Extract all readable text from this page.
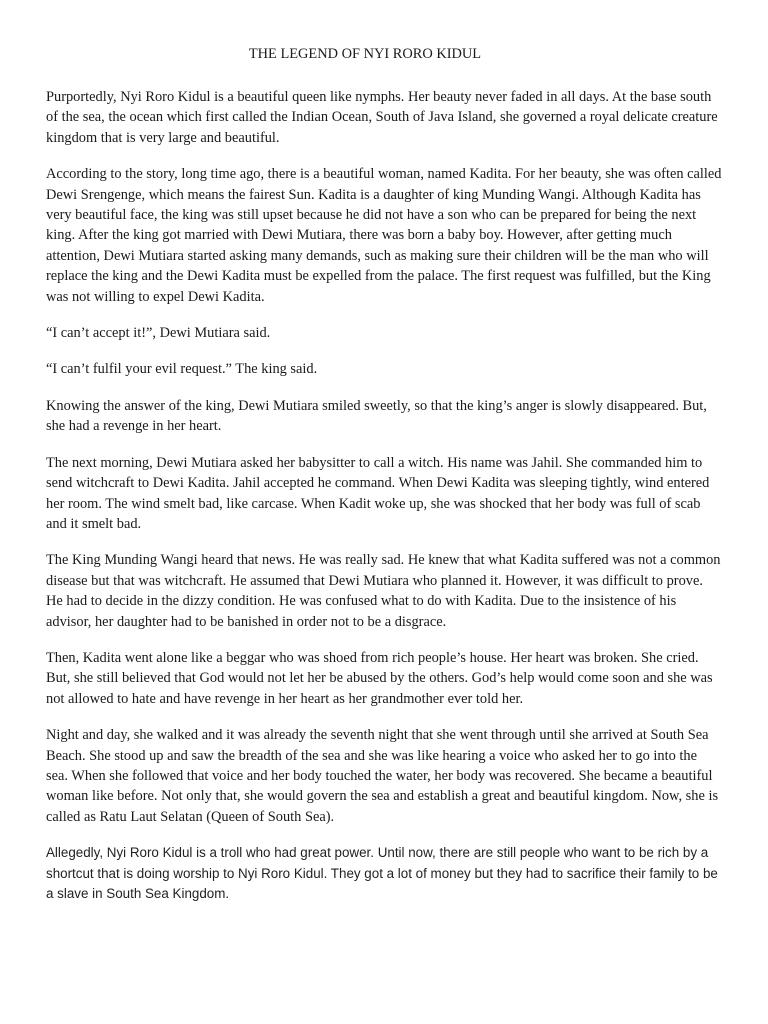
THE LEGEND OF NYI RORO KIDUL

Purportedly, Nyi Roro Kidul is a beautiful queen like nymphs. Her beauty never faded in all days. At the base south of the sea, the ocean which first called the Indian Ocean, South of Java Island, she governed a royal delicate creature kingdom that is very large and beautiful.

According to the story, long time ago, there is a beautiful woman, named Kadita. For her beauty, she was often called Dewi Srengenge, which means the fairest Sun. Kadita is a daughter of king Munding Wangi. Although Kadita has very beautiful face, the king was still upset because he did not have a son who can be prepared for being the next king. After the king got married with Dewi Mutiara, there was born a baby boy. However, after getting much attention, Dewi Mutiara started asking many demands, such as making sure their children will be the man who will replace the king and the Dewi Kadita must be expelled from the palace. The first request was fulfilled, but the King was not willing to expel Dewi Kadita.

“I can’t accept it!”, Dewi Mutiara said.

“I can’t fulfil your evil request.” The king said.

Knowing the answer of the king, Dewi Mutiara smiled sweetly, so that the king’s anger is slowly disappeared. But, she had a revenge in her heart.

The next morning, Dewi Mutiara asked her babysitter to call a witch. His name was Jahil. She commanded him to send witchcraft to Dewi Kadita. Jahil accepted he command. When Dewi Kadita was sleeping tightly, wind entered her room. The wind smelt bad, like carcase. When Kadit woke up, she was shocked that her body was full of scab and it smelt bad.

The King Munding Wangi heard that news. He was really sad. He knew that what Kadita suffered was not a common disease but that was witchcraft. He assumed that Dewi Mutiara who planned it. However, it was difficult to prove. He had to decide in the dizzy condition. He was confused what to do with Kadita. Due to the insistence of his advisor, her daughter had to be banished in order not to be a disgrace.

Then, Kadita went alone like a beggar who was shoed from rich people’s house. Her heart was broken. She cried. But, she still believed that God would not let her be abused by the others. God’s help would come soon and she was not allowed to hate and have revenge in her heart as her grandmother ever told her.

Night and day, she walked and it was already the seventh night that she went through until she arrived at South Sea Beach. She stood up and saw the breadth of the sea and she was like hearing a voice who asked her to go into the sea. When she followed that voice and her body touched the water, her body was recovered. She became a beautiful woman like before. Not only that, she would govern the sea and establish a great and beautiful kingdom. Now, she is called as Ratu Laut Selatan (Queen of South Sea).

Allegedly, Nyi Roro Kidul is a troll who had great power. Until now, there are still people who want to be rich by a shortcut that is doing worship to Nyi Roro Kidul. They got a lot of money but they had to sacrifice their family to be a slave in South Sea Kingdom.
